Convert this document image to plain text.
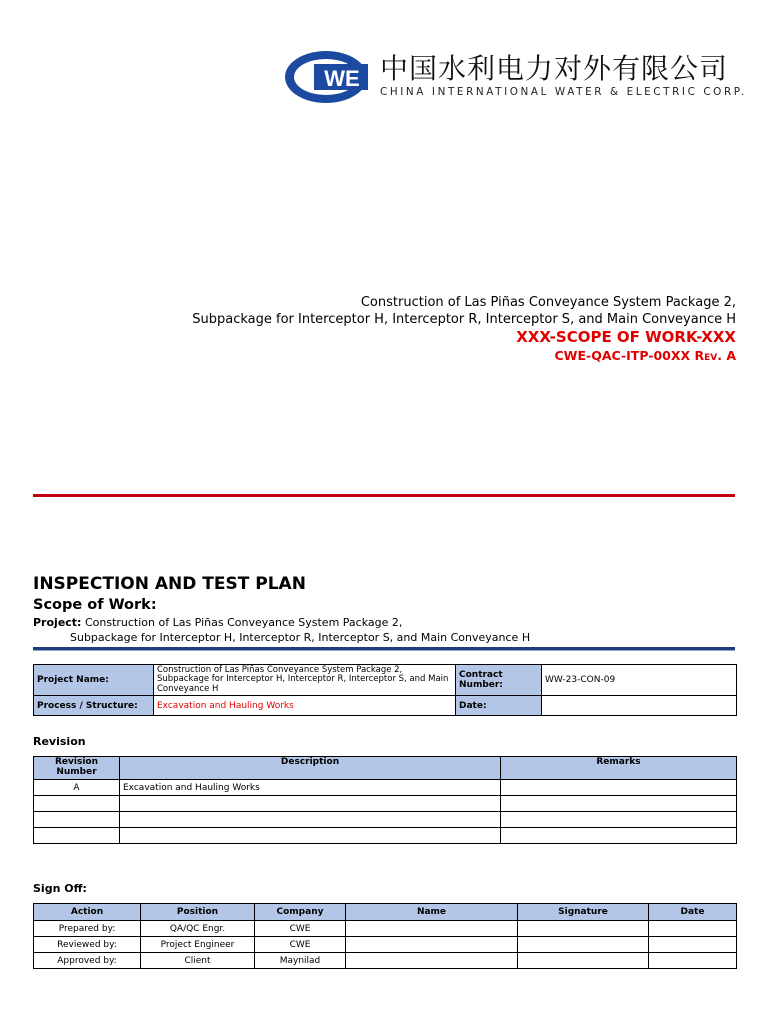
WE 中国水利电力对外有限公司
CHINA INTERNATIONAL WATER & ELECTRIC CORP.
Construction of Las Piñas Conveyance System Package 2,
Subpackage for Interceptor H, Interceptor R, Interceptor S, and Main Conveyance H
XXX-SCOPE OF WORK-XXX
CWE-QAC-ITP-00XX Rev. A
INSPECTION AND TEST PLAN
Scope of Work:
Project: Construction of Las Piñas Conveyance System Package 2,
Subpackage for Interceptor H, Interceptor R, Interceptor S, and Main Conveyance H
Project Name:	Construction of Las Piñas Conveyance System Package 2, Subpackage for Interceptor H, Interceptor R, Interceptor S, and Main Conveyance H	Contract Number:	WW-23-CON-09
Process / Structure:	Excavation and Hauling Works	Date:	
Revision
Revision Number	Description	Remarks
A	Excavation and Hauling Works	

Sign Off:
Action	Position	Company	Name	Signature	Date
Prepared by:	QA/QC Engr.	CWE			
Reviewed by:	Project Engineer	CWE			
Approved by:	Client	Maynilad			
